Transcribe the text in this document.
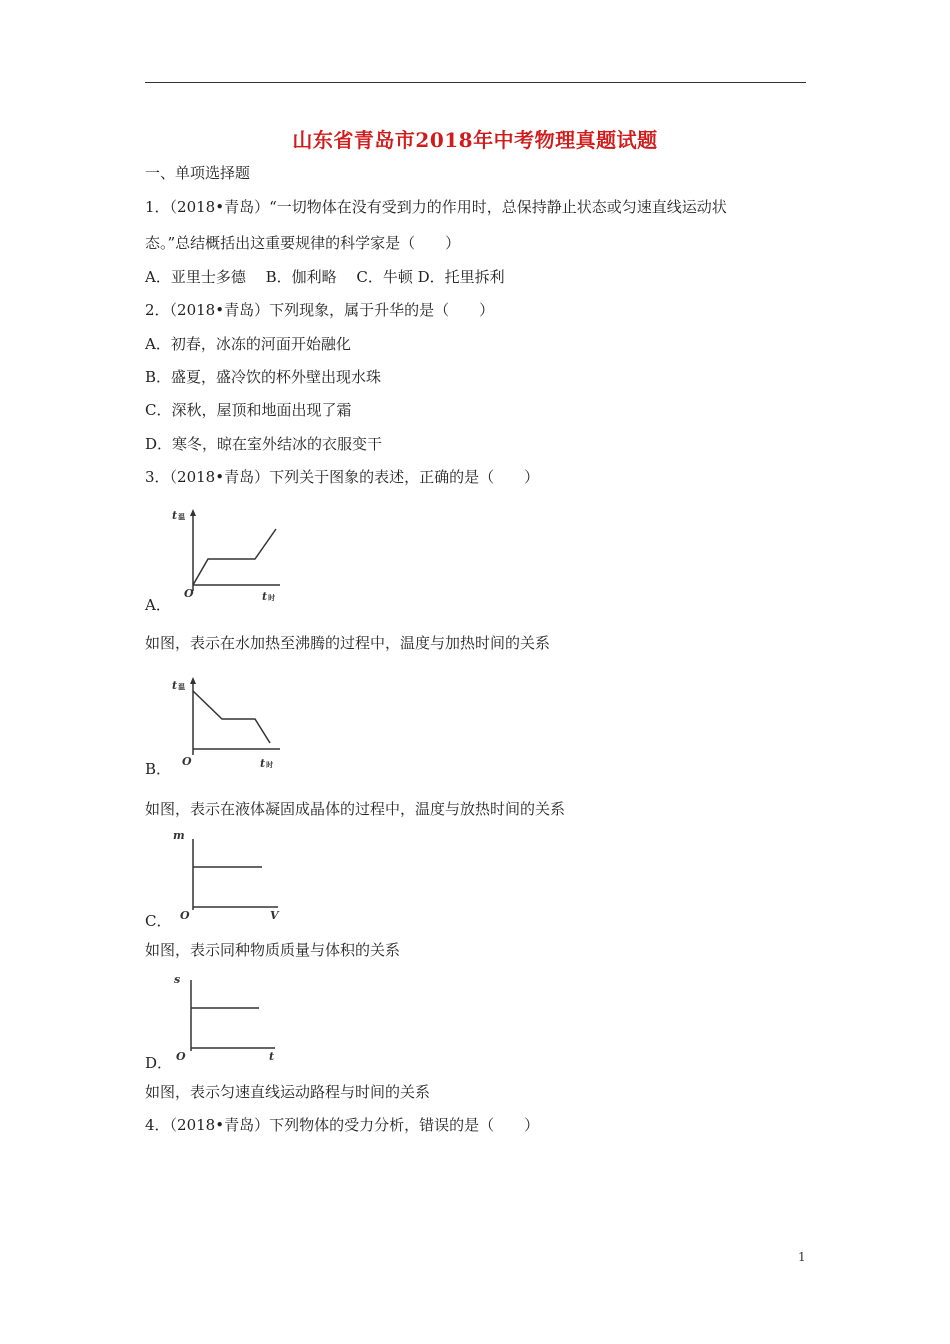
山东省青岛市2018年中考物理真题试题
一、单项选择题
1．（2018•青岛）“一切物体在没有受到力的作用时，总保持静止状态或匀速直线运动状
态。”总结概括出这重要规律的科学家是（　　）
A．亚里士多德　 B．伽利略　 C．牛顿 D．托里拆利
2．（2018•青岛）下列现象，属于升华的是（　　）
A．初春，冰冻的河面开始融化
B．盛夏，盛冷饮的杯外壁出现水珠
C．深秋，屋顶和地面出现了霜
D．寒冬，晾在室外结冰的衣服变干
3．（2018•青岛）下列关于图象的表述，正确的是（　　）
t温
O	t时
A．
如图，表示在水加热至沸腾的过程中，温度与加热时间的关系
t温
O	t时
B．
如图，表示在液体凝固成晶体的过程中，温度与放热时间的关系
m
O	V
C．
如图，表示同种物质质量与体积的关系
s
O	t
D．
如图，表示匀速直线运动路程与时间的关系
4．（2018•青岛）下列物体的受力分析，错误的是（　　）
1
